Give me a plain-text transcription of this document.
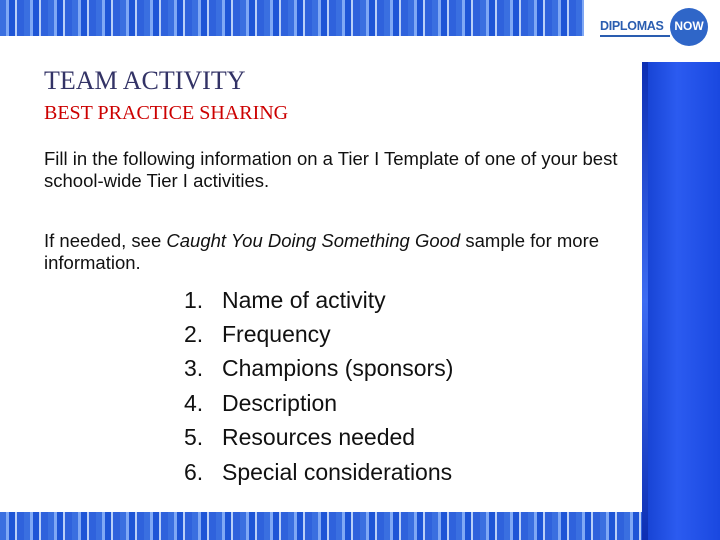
DIPLOMAS NOW
TEAM ACTIVITY
BEST PRACTICE SHARING
Fill in the following information on a Tier I Template of one of your best school-wide Tier I activities.
If needed, see Caught You Doing Something Good sample for more information.
1. Name of activity
2. Frequency
3. Champions (sponsors)
4. Description
5. Resources needed
6. Special considerations
